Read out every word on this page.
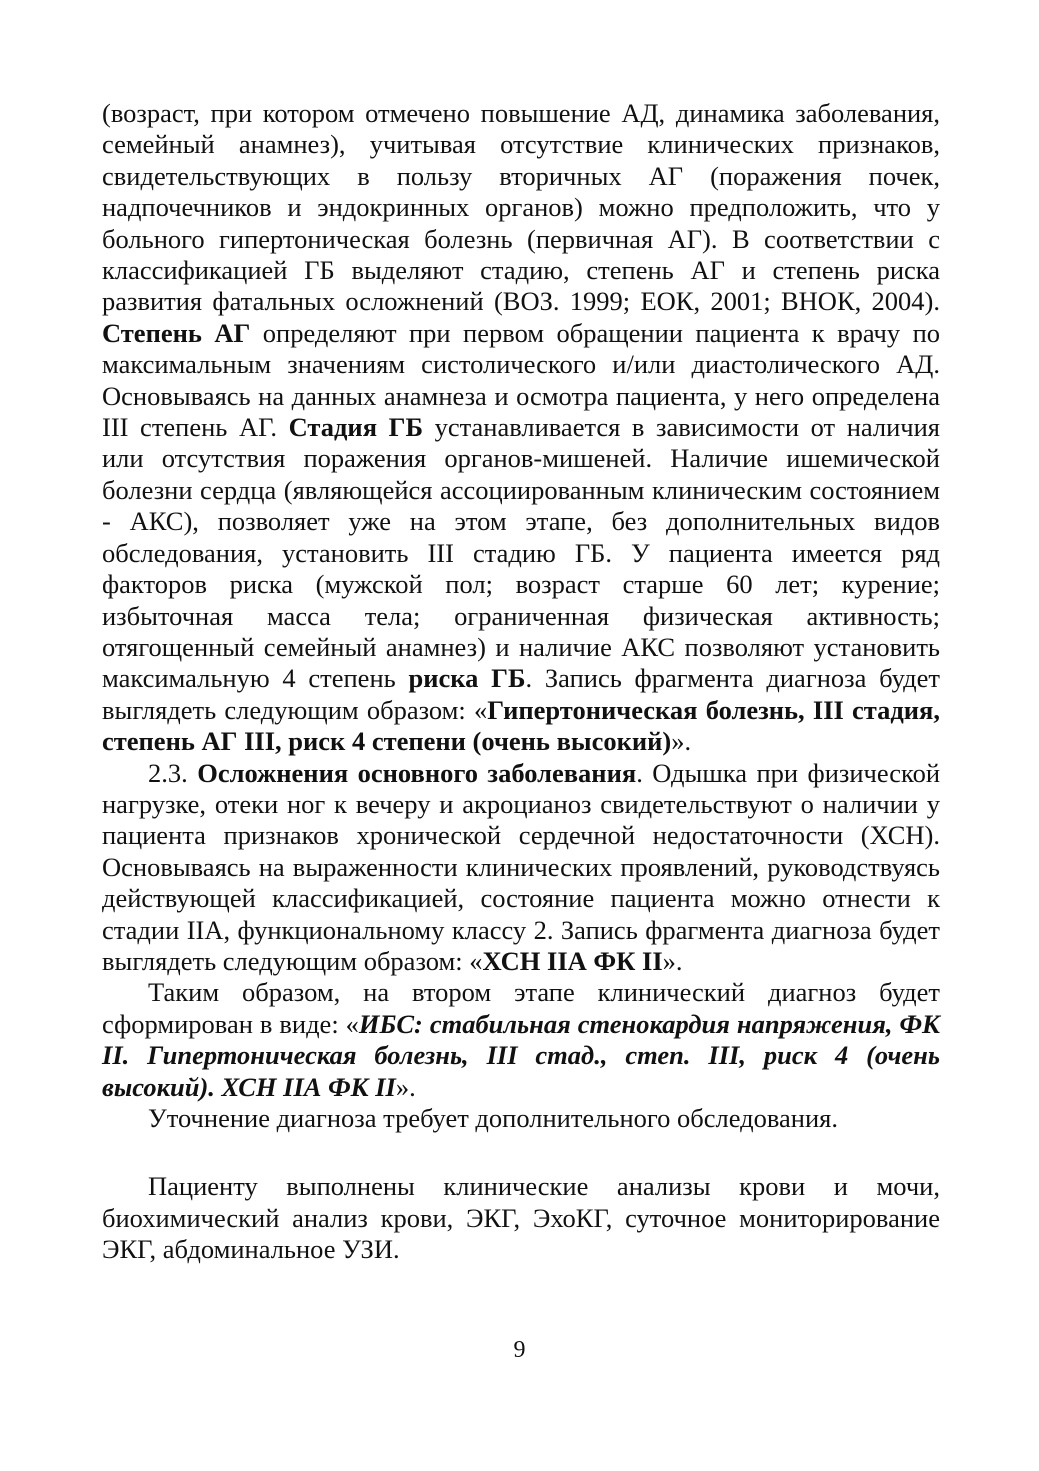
(возраст, при котором отмечено повышение АД, динамика заболевания, семейный анамнез), учитывая отсутствие клинических признаков, свидетельствующих в пользу вторичных АГ (поражения почек, надпочечников и эндокринных органов) можно предположить, что у больного гипертоническая болезнь (первичная АГ). В соответствии с классификацией ГБ выделяют стадию, степень АГ и степень риска развития фатальных осложнений (ВОЗ. 1999; ЕОК, 2001; ВНОК, 2004). Степень АГ определяют при первом обращении пациента к врачу по максимальным значениям систолического и/или диастолического АД. Основываясь на данных анамнеза и осмотра пациента, у него определена III степень АГ. Стадия ГБ устанавливается в зависимости от наличия или отсутствия поражения органов-мишеней. Наличие ишемической болезни сердца (являющейся ассоциированным клиническим состоянием - АКС), позволяет уже на этом этапе, без дополнительных видов обследования, установить III стадию ГБ. У пациента имеется ряд факторов риска (мужской пол; возраст старше 60 лет; курение; избыточная масса тела; ограниченная физическая активность; отягощенный семейный анамнез) и наличие АКС позволяют установить максимальную 4 степень риска ГБ. Запись фрагмента диагноза будет выглядеть следующим образом: «Гипертоническая болезнь, III стадия, степень АГ III, риск 4 степени (очень высокий)».

2.3. Осложнения основного заболевания. Одышка при физической нагрузке, отеки ног к вечеру и акроцианоз свидетельствуют о наличии у пациента признаков хронической сердечной недостаточности (ХСН). Основываясь на выраженности клинических проявлений, руководствуясь действующей классификацией, состояние пациента можно отнести к стадии IIА, функциональному классу 2. Запись фрагмента диагноза будет выглядеть следующим образом: «ХСН IIА ФК II».

Таким образом, на втором этапе клинический диагноз будет сформирован в виде: «ИБС: стабильная стенокардия напряжения, ФК II. Гипертоническая болезнь, III стад., степ. III, риск 4 (очень высокий). ХСН IIА ФК II».

Уточнение диагноза требует дополнительного обследования.

Пациенту выполнены клинические анализы крови и мочи, биохимический анализ крови, ЭКГ, ЭхоКГ, суточное мониторирование ЭКГ, абдоминальное УЗИ.

9
